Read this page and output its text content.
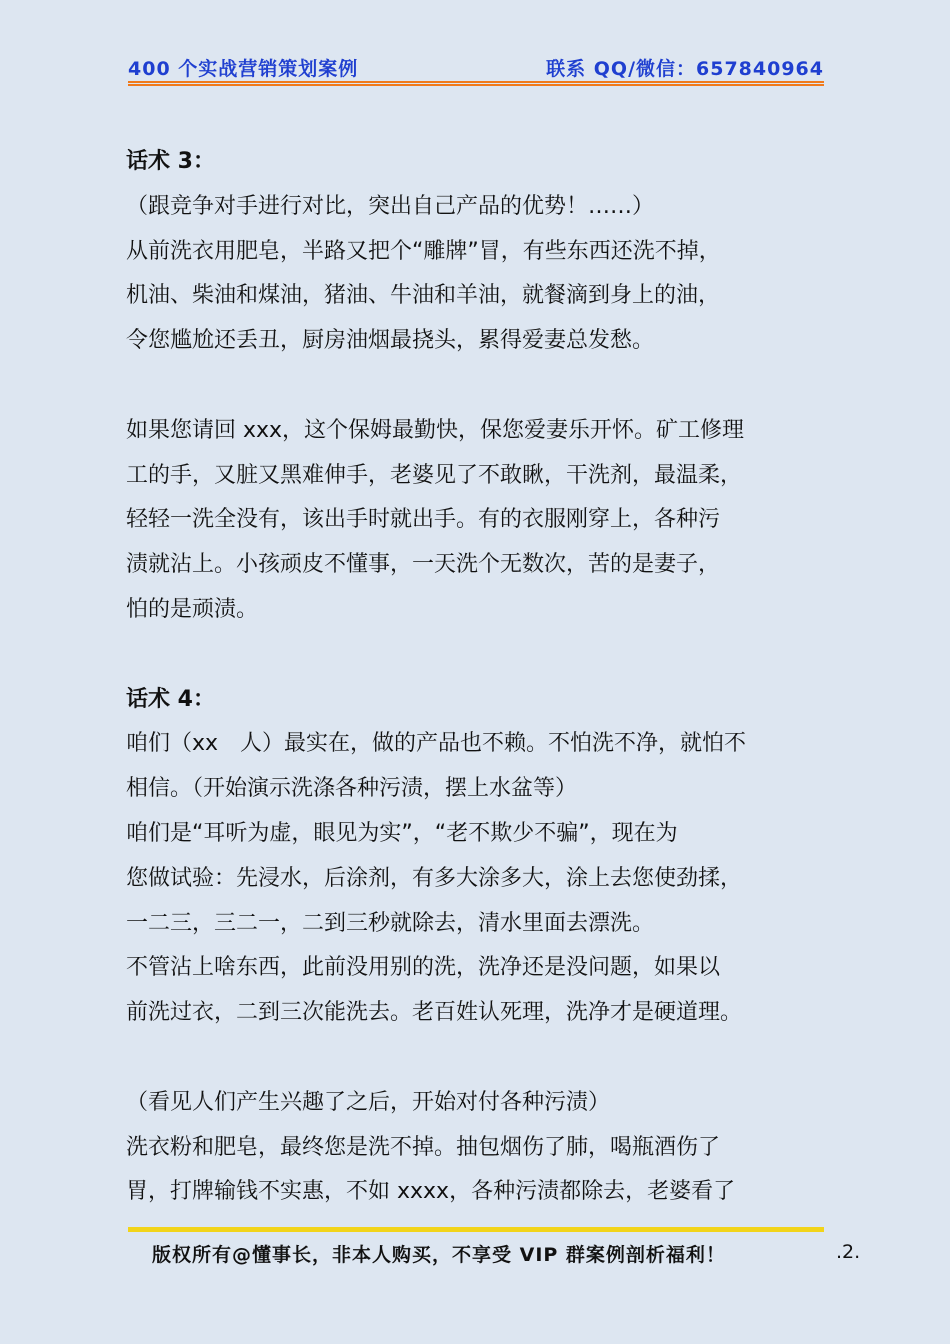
400 个实战营销策划案例	联系 QQ/微信：657840964
话术 3：
（跟竞争对手进行对比，突出自己产品的优势！……）
从前洗衣用肥皂，半路又把个“雕牌”冒，有些东西还洗不掉，
机油、柴油和煤油，猪油、牛油和羊油，就餐滴到身上的油，
令您尴尬还丢丑，厨房油烟最挠头，累得爱妻总发愁。
如果您请回 xxx，这个保姆最勤快，保您爱妻乐开怀。矿工修理
工的手，又脏又黑难伸手，老婆见了不敢瞅，干洗剂，最温柔，
轻轻一洗全没有，该出手时就出手。有的衣服刚穿上，各种污
渍就沾上。小孩顽皮不懂事，一天洗个无数次，苦的是妻子，
怕的是顽渍。
话术 4：
咱们（xx　人）最实在，做的产品也不赖。不怕洗不净，就怕不
相信。（开始演示洗涤各种污渍，摆上水盆等）
咱们是“耳听为虚，眼见为实”，“老不欺少不骗”，现在为
您做试验：先浸水，后涂剂，有多大涂多大，涂上去您使劲揉，
一二三，三二一，二到三秒就除去，清水里面去漂洗。
不管沾上啥东西，此前没用别的洗，洗净还是没问题，如果以
前洗过衣，二到三次能洗去。老百姓认死理，洗净才是硬道理。
（看见人们产生兴趣了之后，开始对付各种污渍）
洗衣粉和肥皂，最终您是洗不掉。抽包烟伤了肺，喝瓶酒伤了
胃，打牌输钱不实惠，不如 xxxx，各种污渍都除去，老婆看了
版权所有@懂事长，非本人购买，不享受 VIP 群案例剖析福利！	.2.
